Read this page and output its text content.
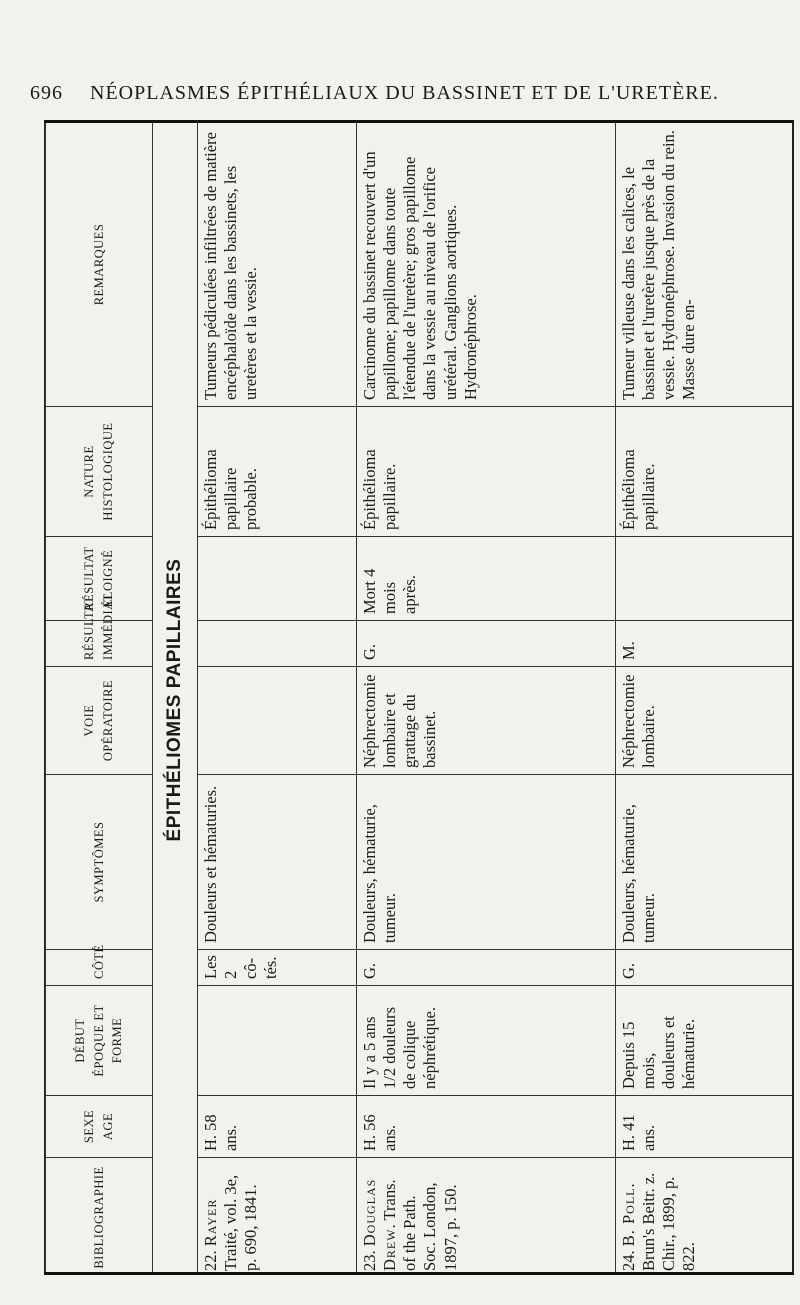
696 NÉOPLASMES ÉPITHÉLIAUX DU BASSINET ET DE L'URETÈRE.
BIBLIOGRAPHIE	SEXE AGE	DÉBUT ÉPOQUE ET FORME	CÔTÉ	SYMPTÔMES	VOIE OPÉRATOIRE	RÉSULTAT IMMÉDIAT	RÉSULTAT ÉLOIGNÉ	NATURE HISTOLOGIQUE	REMARQUES
ÉPITHÉLIOMES PAPILLAIRES									
22. Rayer Traité, vol. 3e, p. 690, 1841.	H. 58 ans.		Les 2 cô-tés.	Douleurs et hématuries.				Épithélioma papillaire probable.	Tumeurs pédiculées infiltrées de matière encéphaloïde dans les bassinets, les uretères et la vessie.
23. Douglas Drew. Trans. of the Path. Soc. London, 1897, p. 150.	H. 56 ans.	Il y a 5 ans 1/2 douleurs de colique néphrétique.	G.	Douleurs, hématurie, tumeur.	Néphrectomie lombaire et grattage du bassinet.	G.	Mort 4 mois après.	Épithélioma papillaire.	Carcinome du bassinet recouvert d'un papillome; papillome dans toute l'étendue de l'uretère; gros papillome dans la vessie au niveau de l'orifice urétéral. Ganglions aortiques. Hydronéphrose.
24. B. Poll. Brun's Beitr. z. Chir., 1899, p. 822.	H. 41 ans.	Depuis 15 mois, douleurs et hématurie.	G.	Douleurs, hématurie, tumeur.	Néphrectomie lombaire.	M.		Épithélioma papillaire.	Tumeur villeuse dans les calices, le bassinet et l'uretère jusque près de la vessie. Hydronéphrose. Invasion du rein. Masse dure en-
